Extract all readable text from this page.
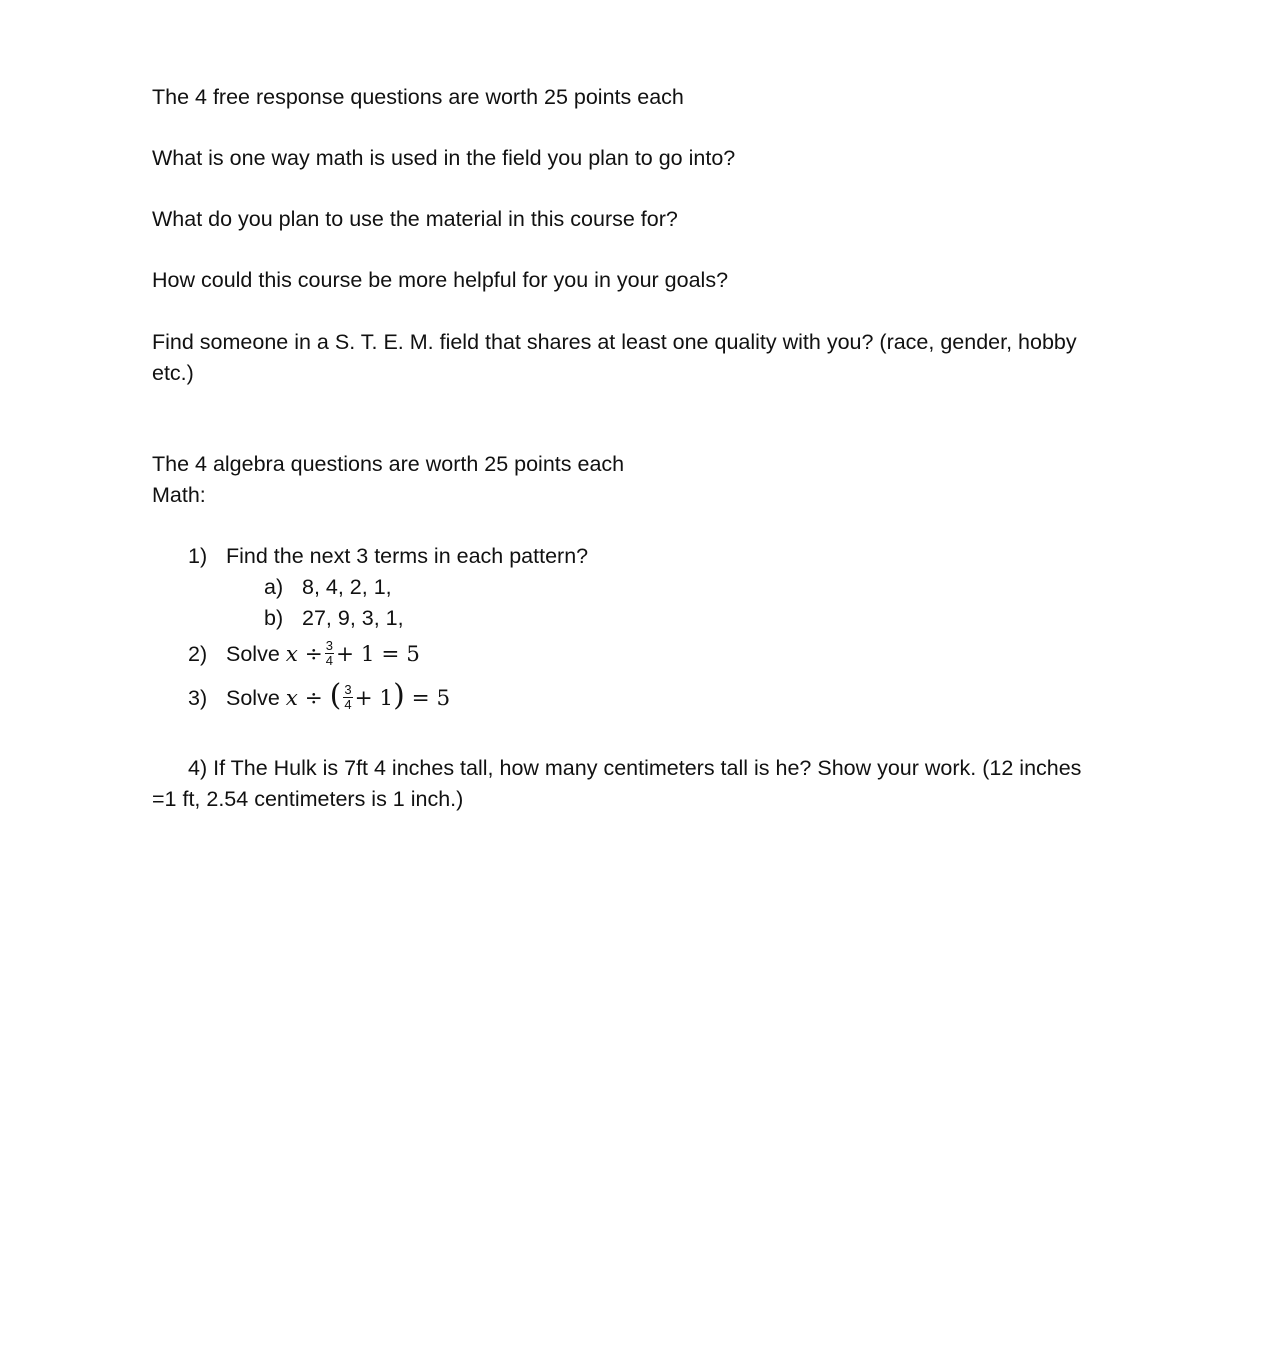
The 4 free response questions are worth 25 points each

What is one way math is used in the field you plan to go into?

What do you plan to use the material in this course for?

How could this course be more helpful for you in your goals?

Find someone in a S. T. E. M. field that shares at least one quality with you? (race, gender, hobby etc.)

The 4 algebra questions are worth 25 points each

Math:

1) Find the next 3 terms in each pattern?
a) 8, 4, 2, 1,
b) 27, 9, 3, 1,
2) Solve $x \div \frac{3}{4} + 1 = 5$
3) Solve x ÷ ( $\frac{3}{4} + 1) = 5$

4) If The Hulk is 7ft 4 inches tall, how many centimeters tall is he? Show your work. (12 inches =1 ft, 2.54 centimeters is 1 inch.)
